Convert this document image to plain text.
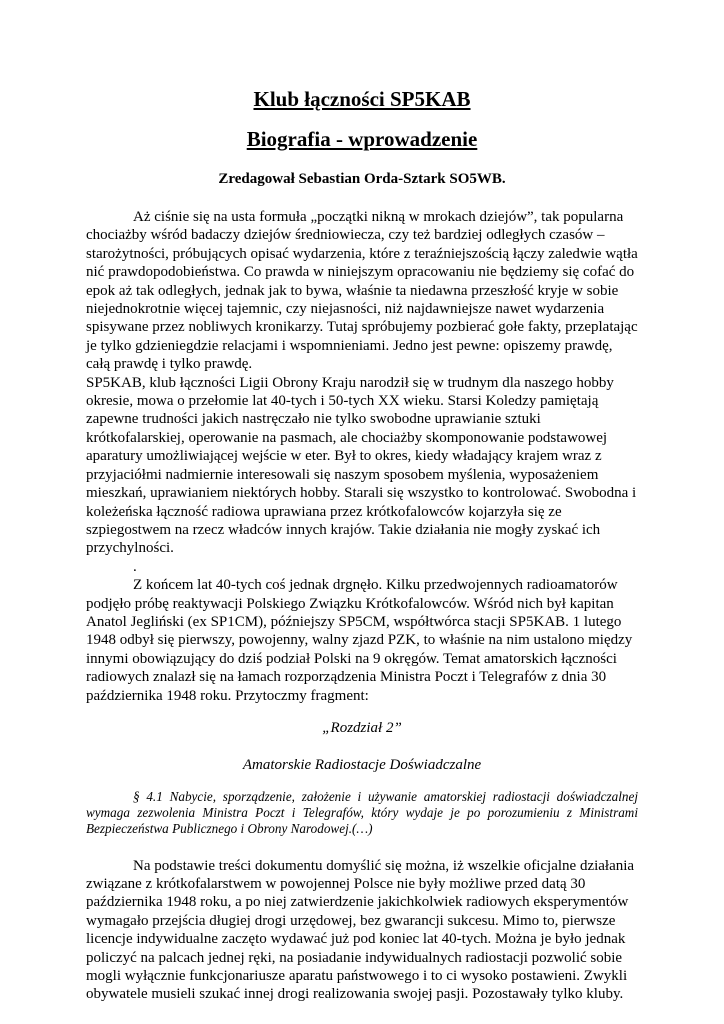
Klub łączności SP5KAB
Biografia - wprowadzenie
Zredagował Sebastian Orda-Sztark SO5WB.

Aż ciśnie się na usta formuła „początki nikną w mrokach dziejów”, tak popularna chociażby wśród badaczy dziejów średniowiecza, czy też bardziej odległych czasów – starożytności, próbujących opisać wydarzenia, które z teraźniejszością łączy zaledwie wątła nić prawdopodobieństwa. Co prawda w niniejszym opracowaniu nie będziemy się cofać do epok aż tak odległych, jednak jak to bywa, właśnie ta niedawna przeszłość kryje w sobie niejednokrotnie więcej tajemnic, czy niejasności, niż najdawniejsze nawet wydarzenia spisywane przez nobliwych kronikarzy. Tutaj spróbujemy pozbierać gołe fakty, przeplatając je tylko gdzieniegdzie relacjami i wspomnieniami. Jedno jest pewne: opiszemy prawdę, całą prawdę i tylko prawdę.

SP5KAB, klub łączności Ligii Obrony Kraju narodził się w trudnym dla naszego hobby okresie, mowa o przełomie lat 40-tych i 50-tych XX wieku. Starsi Koledzy pamiętają zapewne trudności jakich nastręczało nie tylko swobodne uprawianie sztuki krótkofalarskiej, operowanie na pasmach, ale chociażby skomponowanie podstawowej aparatury umożliwiającej wejście w eter. Był to okres, kiedy władający krajem wraz z przyjaciółmi nadmiernie interesowali się naszym sposobem myślenia, wyposażeniem mieszkań, uprawianiem niektórych hobby. Starali się wszystko to kontrolować. Swobodna i koleżeńska łączność radiowa uprawiana przez krótkofalowców kojarzyła się ze szpiegostwem na rzecz władców innych krajów. Takie działania nie mogły zyskać ich przychylności.

.

Z końcem lat 40-tych coś jednak drgnęło. Kilku przedwojennych radioamatorów podjęło próbę reaktywacji Polskiego Związku Krótkofalowców. Wśród nich był kapitan Anatol Jegliński (ex SP1CM), późniejszy SP5CM, współtwórca stacji SP5KAB. 1 lutego 1948 odbył się pierwszy, powojenny, walny zjazd PZK, to właśnie na nim ustalono między innymi obowiązujący do dziś podział Polski na 9 okręgów. Temat amatorskich łączności radiowych znalazł się na łamach rozporządzenia Ministra Poczt i Telegrafów z dnia 30 października 1948 roku. Przytoczmy fragment:

„Rozdział 2”

Amatorskie Radiostacje Doświadczalne

§ 4.1 Nabycie, sporządzenie, założenie i używanie amatorskiej radiostacji doświadczalnej wymaga zezwolenia Ministra Poczt i Telegrafów, który wydaje je po porozumieniu z Ministrami Bezpieczeństwa Publicznego i Obrony Narodowej.(…)

Na podstawie treści dokumentu domyślić się można, iż wszelkie oficjalne działania związane z krótkofalarstwem w powojennej Polsce nie były możliwe przed datą 30 października 1948 roku, a po niej zatwierdzenie jakichkolwiek radiowych eksperymentów wymagało przejścia długiej drogi urzędowej, bez gwarancji sukcesu. Mimo to, pierwsze licencje indywidualne zaczęto wydawać już pod koniec lat 40-tych. Można je było jednak policzyć na palcach jednej ręki, na posiadanie indywidualnych radiostacji pozwolić sobie mogli wyłącznie funkcjonariusze aparatu państwowego i to ci wysoko postawieni. Zwykli obywatele musieli szukać innej drogi realizowania swojej pasji. Pozostawały tylko kluby.
